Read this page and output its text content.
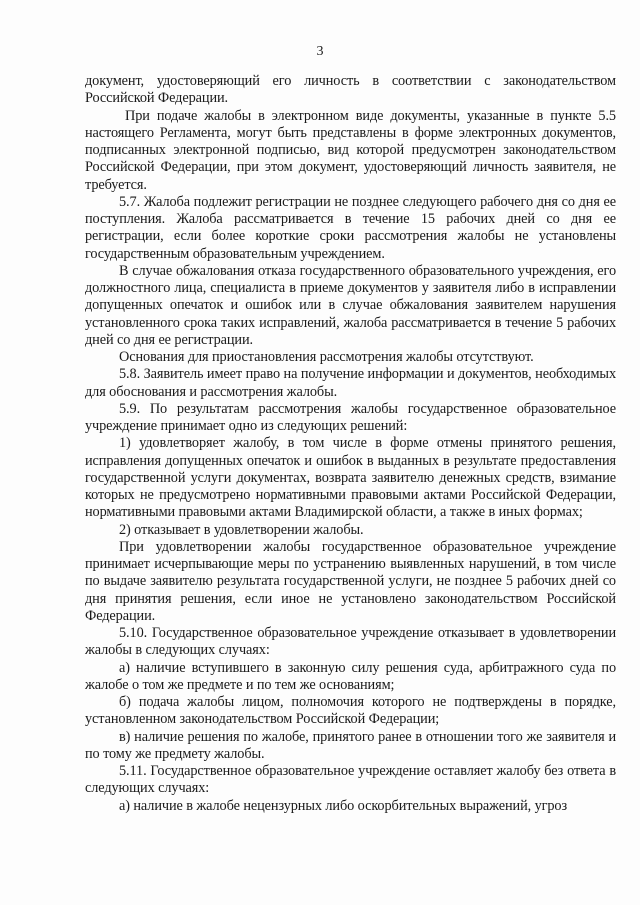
3

документ, удостоверяющий его личность в соответствии с законодательством Российской Федерации.

При подаче жалобы в электронном виде документы, указанные в пункте 5.5 настоящего Регламента, могут быть представлены в форме электронных документов, подписанных электронной подписью, вид которой предусмотрен законодательством Российской Федерации, при этом документ, удостоверяющий личность заявителя, не требуется.

5.7. Жалоба подлежит регистрации не позднее следующего рабочего дня со дня ее поступления. Жалоба рассматривается в течение 15 рабочих дней со дня ее регистрации, если более короткие сроки рассмотрения жалобы не установлены государственным образовательным учреждением.

В случае обжалования отказа государственного образовательного учреждения, его должностного лица, специалиста в приеме документов у заявителя либо в исправлении допущенных опечаток и ошибок или в случае обжалования заявителем нарушения установленного срока таких исправлений, жалоба рассматривается в течение 5 рабочих дней со дня ее регистрации.

Основания для приостановления рассмотрения жалобы отсутствуют.

5.8. Заявитель имеет право на получение информации и документов, необходимых для обоснования и рассмотрения жалобы.

5.9. По результатам рассмотрения жалобы государственное образовательное учреждение принимает одно из следующих решений:

1) удовлетворяет жалобу, в том числе в форме отмены принятого решения, исправления допущенных опечаток и ошибок в выданных в результате предоставления государственной услуги документах, возврата заявителю денежных средств, взимание которых не предусмотрено нормативными правовыми актами Российской Федерации, нормативными правовыми актами Владимирской области, а также в иных формах;

2) отказывает в удовлетворении жалобы.

При удовлетворении жалобы государственное образовательное учреждение принимает исчерпывающие меры по устранению выявленных нарушений, в том числе по выдаче заявителю результата государственной услуги, не позднее 5 рабочих дней со дня принятия решения, если иное не установлено законодательством Российской Федерации.

5.10. Государственное образовательное учреждение отказывает в удовлетворении жалобы в следующих случаях:

а) наличие вступившего в законную силу решения суда, арбитражного суда по жалобе о том же предмете и по тем же основаниям;

б) подача жалобы лицом, полномочия которого не подтверждены в порядке, установленном законодательством Российской Федерации;

в) наличие решения по жалобе, принятого ранее в отношении того же заявителя и по тому же предмету жалобы.

5.11. Государственное образовательное учреждение оставляет жалобу без ответа в следующих случаях:

а) наличие в жалобе нецензурных либо оскорбительных выражений, угроз
